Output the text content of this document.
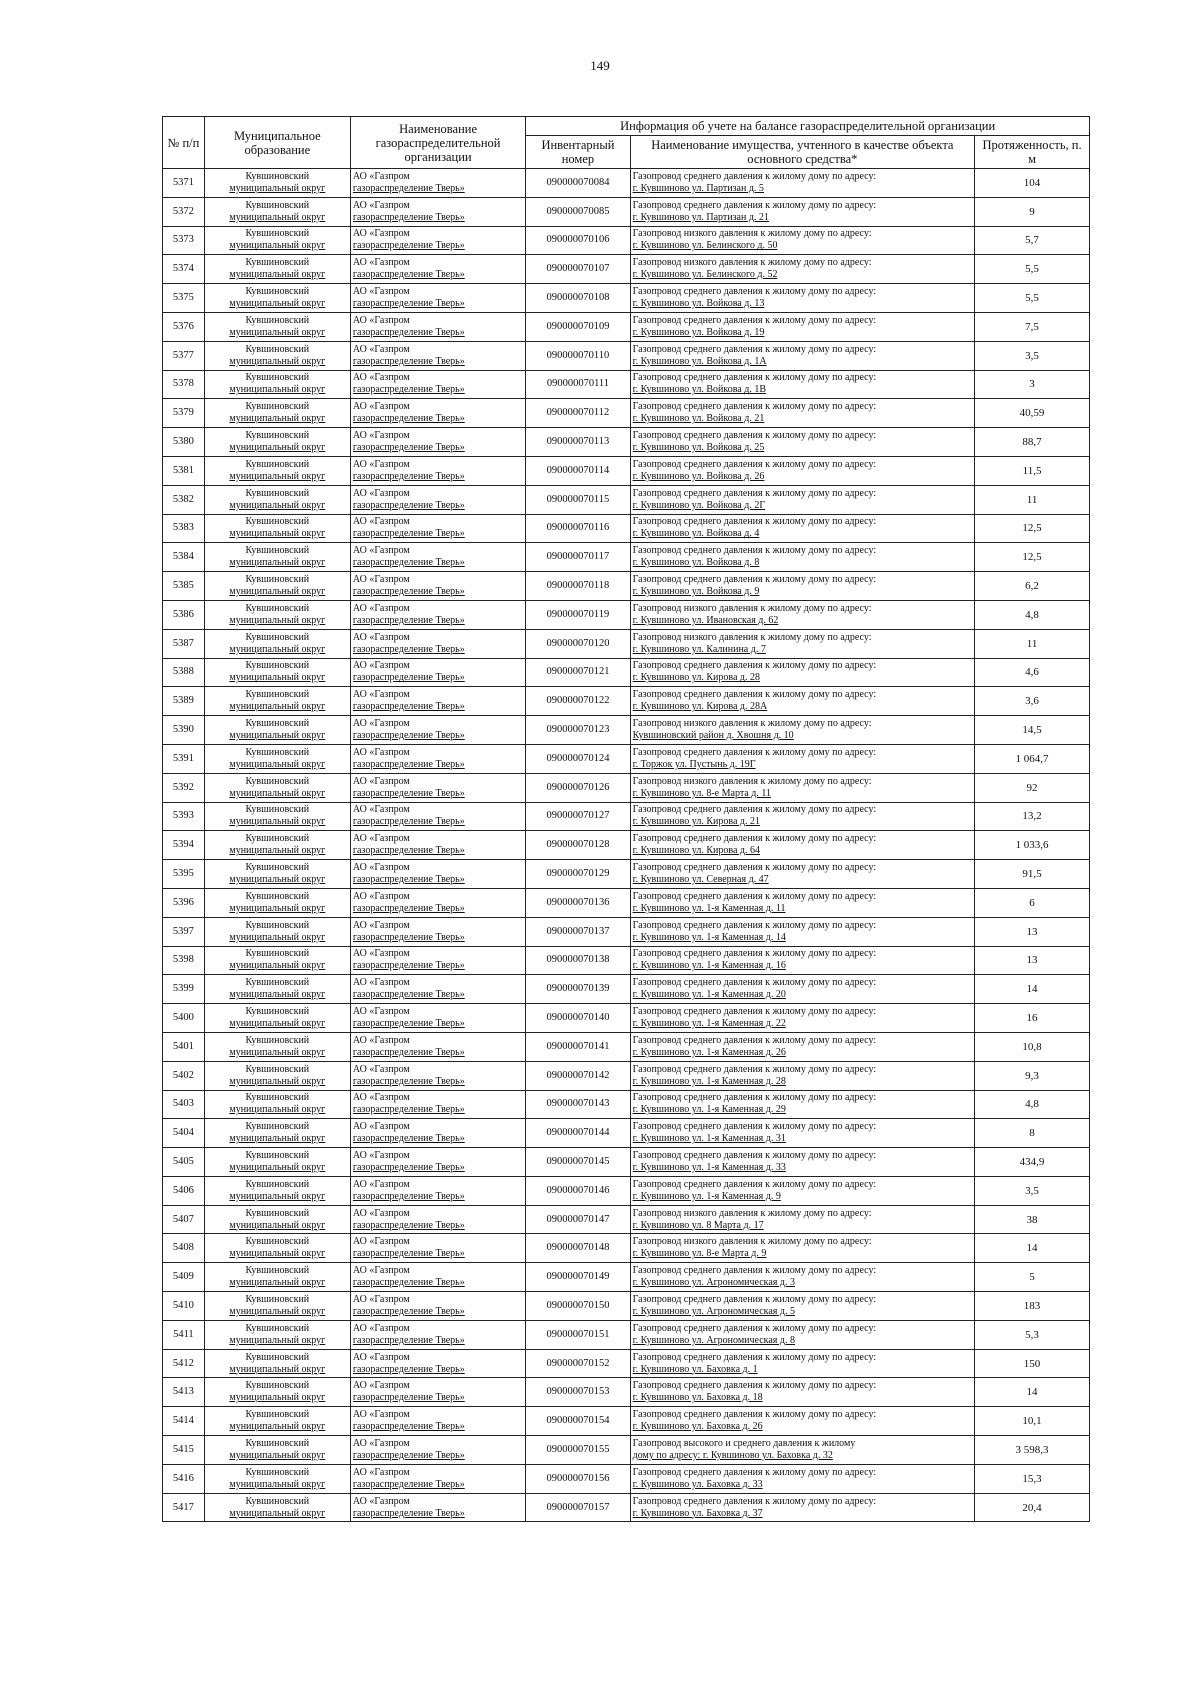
149
№ п/п	Муниципальное образование	Наименование газораспределительной организации	Информация об учете на балансе газораспределительной организации		
			Инвентарный номер	Наименование имущества, учтенного в качестве объекта основного средства*	Протяженность, п. м
5371	Кувшиновский
муниципальный округ	АО «Газпром
газораспределение Тверь»	090000070084	Газопровод среднего давления к жилому дому по адресу:
г. Кувшиново ул. Партизан д. 5	104
5372	Кувшиновский
муниципальный округ	АО «Газпром
газораспределение Тверь»	090000070085	Газопровод среднего давления к жилому дому по адресу:
г. Кувшиново ул. Партизан д. 21	9
5373	Кувшиновский
муниципальный округ	АО «Газпром
газораспределение Тверь»	090000070106	Газопровод низкого давления к жилому дому по адресу:
г. Кувшиново ул. Белинского д. 50	5,7
5374	Кувшиновский
муниципальный округ	АО «Газпром
газораспределение Тверь»	090000070107	Газопровод низкого давления к жилому дому по адресу:
г. Кувшиново ул. Белинского д. 52	5,5
5375	Кувшиновский
муниципальный округ	АО «Газпром
газораспределение Тверь»	090000070108	Газопровод среднего давления к жилому дому по адресу:
г. Кувшиново ул. Войкова д. 13	5,5
5376	Кувшиновский
муниципальный округ	АО «Газпром
газораспределение Тверь»	090000070109	Газопровод среднего давления к жилому дому по адресу:
г. Кувшиново ул. Войкова д. 19	7,5
5377	Кувшиновский
муниципальный округ	АО «Газпром
газораспределение Тверь»	090000070110	Газопровод среднего давления к жилому дому по адресу:
г. Кувшиново ул. Войкова д. 1А	3,5
5378	Кувшиновский
муниципальный округ	АО «Газпром
газораспределение Тверь»	090000070111	Газопровод среднего давления к жилому дому по адресу:
г. Кувшиново ул. Войкова д. 1В	3
5379	Кувшиновский
муниципальный округ	АО «Газпром
газораспределение Тверь»	090000070112	Газопровод среднего давления к жилому дому по адресу:
г. Кувшиново ул. Войкова д. 21	40,59
5380	Кувшиновский
муниципальный округ	АО «Газпром
газораспределение Тверь»	090000070113	Газопровод среднего давления к жилому дому по адресу:
г. Кувшиново ул. Войкова д. 25	88,7
5381	Кувшиновский
муниципальный округ	АО «Газпром
газораспределение Тверь»	090000070114	Газопровод среднего давления к жилому дому по адресу:
г. Кувшиново ул. Войкова д. 26	11,5
5382	Кувшиновский
муниципальный округ	АО «Газпром
газораспределение Тверь»	090000070115	Газопровод среднего давления к жилому дому по адресу:
г. Кувшиново ул. Войкова д. 2Г	11
5383	Кувшиновский
муниципальный округ	АО «Газпром
газораспределение Тверь»	090000070116	Газопровод среднего давления к жилому дому по адресу:
г. Кувшиново ул. Войкова д. 4	12,5
5384	Кувшиновский
муниципальный округ	АО «Газпром
газораспределение Тверь»	090000070117	Газопровод среднего давления к жилому дому по адресу:
г. Кувшиново ул. Войкова д. 8	12,5
5385	Кувшиновский
муниципальный округ	АО «Газпром
газораспределение Тверь»	090000070118	Газопровод среднего давления к жилому дому по адресу:
г. Кувшиново ул. Войкова д. 9	6,2
5386	Кувшиновский
муниципальный округ	АО «Газпром
газораспределение Тверь»	090000070119	Газопровод низкого давления к жилому дому по адресу:
г. Кувшиново ул. Ивановская д. 62	4,8
5387	Кувшиновский
муниципальный округ	АО «Газпром
газораспределение Тверь»	090000070120	Газопровод низкого давления к жилому дому по адресу:
г. Кувшиново ул. Калинина д. 7	11
5388	Кувшиновский
муниципальный округ	АО «Газпром
газораспределение Тверь»	090000070121	Газопровод среднего давления к жилому дому по адресу:
г. Кувшиново ул. Кирова д. 28	4,6
5389	Кувшиновский
муниципальный округ	АО «Газпром
газораспределение Тверь»	090000070122	Газопровод среднего давления к жилому дому по адресу:
г. Кувшиново ул. Кирова д. 28А	3,6
5390	Кувшиновский
муниципальный округ	АО «Газпром
газораспределение Тверь»	090000070123	Газопровод низкого давления к жилому дому по адресу:
Кувшиновский район д. Хвошня д. 10	14,5
5391	Кувшиновский
муниципальный округ	АО «Газпром
газораспределение Тверь»	090000070124	Газопровод среднего давления к жилому дому по адресу:
г. Торжок ул. Пустынь д. 19Г	1 064,7
5392	Кувшиновский
муниципальный округ	АО «Газпром
газораспределение Тверь»	090000070126	Газопровод низкого давления к жилому дому по адресу:
г. Кувшиново ул. 8-е Марта д. 11	92
5393	Кувшиновский
муниципальный округ	АО «Газпром
газораспределение Тверь»	090000070127	Газопровод среднего давления к жилому дому по адресу:
г. Кувшиново ул. Кирова д. 21	13,2
5394	Кувшиновский
муниципальный округ	АО «Газпром
газораспределение Тверь»	090000070128	Газопровод среднего давления к жилому дому по адресу:
г. Кувшиново ул. Кирова д. 64	1 033,6
5395	Кувшиновский
муниципальный округ	АО «Газпром
газораспределение Тверь»	090000070129	Газопровод среднего давления к жилому дому по адресу:
г. Кувшиново ул. Северная д. 47	91,5
5396	Кувшиновский
муниципальный округ	АО «Газпром
газораспределение Тверь»	090000070136	Газопровод среднего давления к жилому дому по адресу:
г. Кувшиново ул. 1-я Каменная д. 11	6
5397	Кувшиновский
муниципальный округ	АО «Газпром
газораспределение Тверь»	090000070137	Газопровод среднего давления к жилому дому по адресу:
г. Кувшиново ул. 1-я Каменная д. 14	13
5398	Кувшиновский
муниципальный округ	АО «Газпром
газораспределение Тверь»	090000070138	Газопровод среднего давления к жилому дому по адресу:
г. Кувшиново ул. 1-я Каменная д. 16	13
5399	Кувшиновский
муниципальный округ	АО «Газпром
газораспределение Тверь»	090000070139	Газопровод среднего давления к жилому дому по адресу:
г. Кувшиново ул. 1-я Каменная д. 20	14
5400	Кувшиновский
муниципальный округ	АО «Газпром
газораспределение Тверь»	090000070140	Газопровод среднего давления к жилому дому по адресу:
г. Кувшиново ул. 1-я Каменная д. 22	16
5401	Кувшиновский
муниципальный округ	АО «Газпром
газораспределение Тверь»	090000070141	Газопровод среднего давления к жилому дому по адресу:
г. Кувшиново ул. 1-я Каменная д. 26	10,8
5402	Кувшиновский
муниципальный округ	АО «Газпром
газораспределение Тверь»	090000070142	Газопровод среднего давления к жилому дому по адресу:
г. Кувшиново ул. 1-я Каменная д. 28	9,3
5403	Кувшиновский
муниципальный округ	АО «Газпром
газораспределение Тверь»	090000070143	Газопровод среднего давления к жилому дому по адресу:
г. Кувшиново ул. 1-я Каменная д. 29	4,8
5404	Кувшиновский
муниципальный округ	АО «Газпром
газораспределение Тверь»	090000070144	Газопровод среднего давления к жилому дому по адресу:
г. Кувшиново ул. 1-я Каменная д. 31	8
5405	Кувшиновский
муниципальный округ	АО «Газпром
газораспределение Тверь»	090000070145	Газопровод среднего давления к жилому дому по адресу:
г. Кувшиново ул. 1-я Каменная д. 33	434,9
5406	Кувшиновский
муниципальный округ	АО «Газпром
газораспределение Тверь»	090000070146	Газопровод среднего давления к жилому дому по адресу:
г. Кувшиново ул. 1-я Каменная д. 9	3,5
5407	Кувшиновский
муниципальный округ	АО «Газпром
газораспределение Тверь»	090000070147	Газопровод низкого давления к жилому дому по адресу:
г. Кувшиново ул. 8 Марта д. 17	38
5408	Кувшиновский
муниципальный округ	АО «Газпром
газораспределение Тверь»	090000070148	Газопровод низкого давления к жилому дому по адресу:
г. Кувшиново ул. 8-е Марта д. 9	14
5409	Кувшиновский
муниципальный округ	АО «Газпром
газораспределение Тверь»	090000070149	Газопровод среднего давления к жилому дому по адресу:
г. Кувшиново ул. Агрономическая д. 3	5
5410	Кувшиновский
муниципальный округ	АО «Газпром
газораспределение Тверь»	090000070150	Газопровод среднего давления к жилому дому по адресу:
г. Кувшиново ул. Агрономическая д. 5	183
5411	Кувшиновский
муниципальный округ	АО «Газпром
газораспределение Тверь»	090000070151	Газопровод среднего давления к жилому дому по адресу:
г. Кувшиново ул. Агрономическая д. 8	5,3
5412	Кувшиновский
муниципальный округ	АО «Газпром
газораспределение Тверь»	090000070152	Газопровод среднего давления к жилому дому по адресу:
г. Кувшиново ул. Баховка д. 1	150
5413	Кувшиновский
муниципальный округ	АО «Газпром
газораспределение Тверь»	090000070153	Газопровод среднего давления к жилому дому по адресу:
г. Кувшиново ул. Баховка д. 18	14
5414	Кувшиновский
муниципальный округ	АО «Газпром
газораспределение Тверь»	090000070154	Газопровод среднего давления к жилому дому по адресу:
г. Кувшиново ул. Баховка д. 26	10,1
5415	Кувшиновский
муниципальный округ	АО «Газпром
газораспределение Тверь»	090000070155	Газопровод высокого и среднего давления к жилому
дому по адресу: г. Кувшиново ул. Баховка д. 32	3 598,3
5416	Кувшиновский
муниципальный округ	АО «Газпром
газораспределение Тверь»	090000070156	Газопровод среднего давления к жилому дому по адресу:
г. Кувшиново ул. Баховка д. 33	15,3
5417	Кувшиновский
муниципальный округ	АО «Газпром
газораспределение Тверь»	090000070157	Газопровод среднего давления к жилому дому по адресу:
г. Кувшиново ул. Баховка д. 37	20,4
